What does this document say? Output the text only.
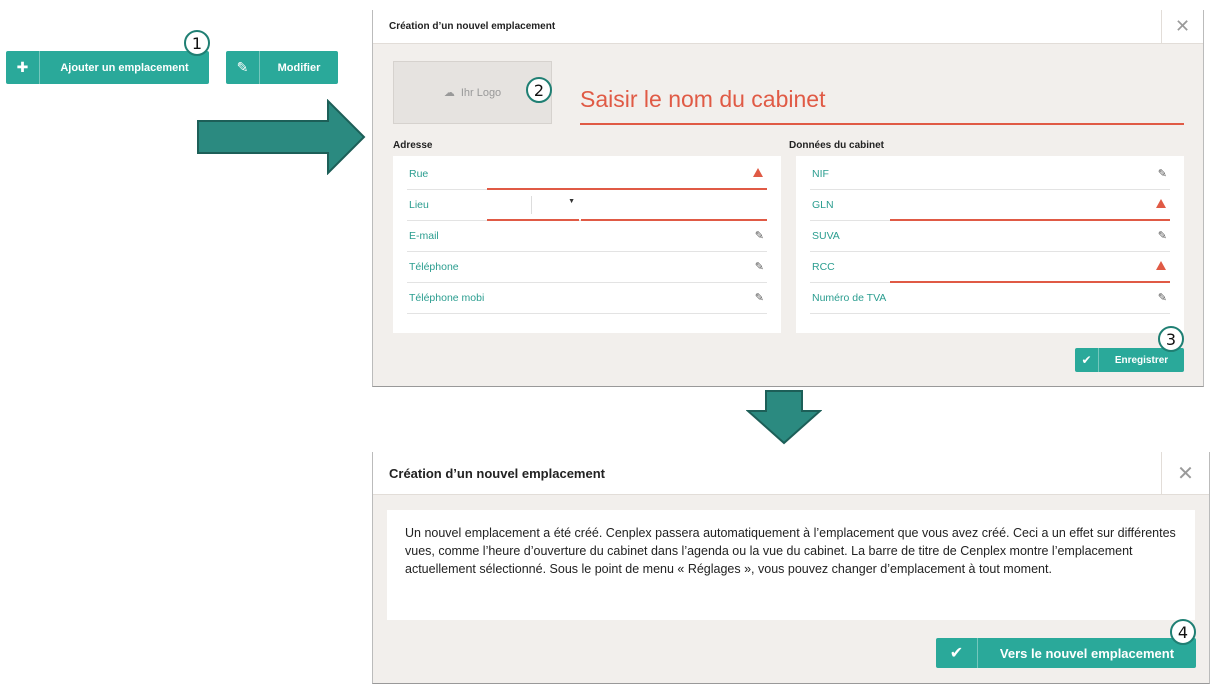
✚	Ajouter un emplacement	✎	Modifier
1
Création d’un nouvel emplacement	✕
☁ Ihr Logo	2	Saisir le nom du cabinet
Adresse	Données du cabinet
Rue
Lieu	▼
E-mail	✎
Téléphone	✎
Téléphone mobi	✎
NIF	✎
GLN
SUVA	✎
RCC
Numéro de TVA	✎
✔	Enregistrer
3
Création d’un nouvel emplacement	✕

Un nouvel emplacement a été créé. Cenplex passera automatiquement à l’emplacement que vous avez créé. Ceci a un effet sur différentes vues, comme l’heure d’ouverture du cabinet dans l’agenda ou la vue du cabinet. La barre de titre de Cenplex montre l’emplacement actuellement sélectionné. Sous le point de menu « Réglages », vous pouvez changer d’emplacement à tout moment.

✔	Vers le nouvel emplacement
4
